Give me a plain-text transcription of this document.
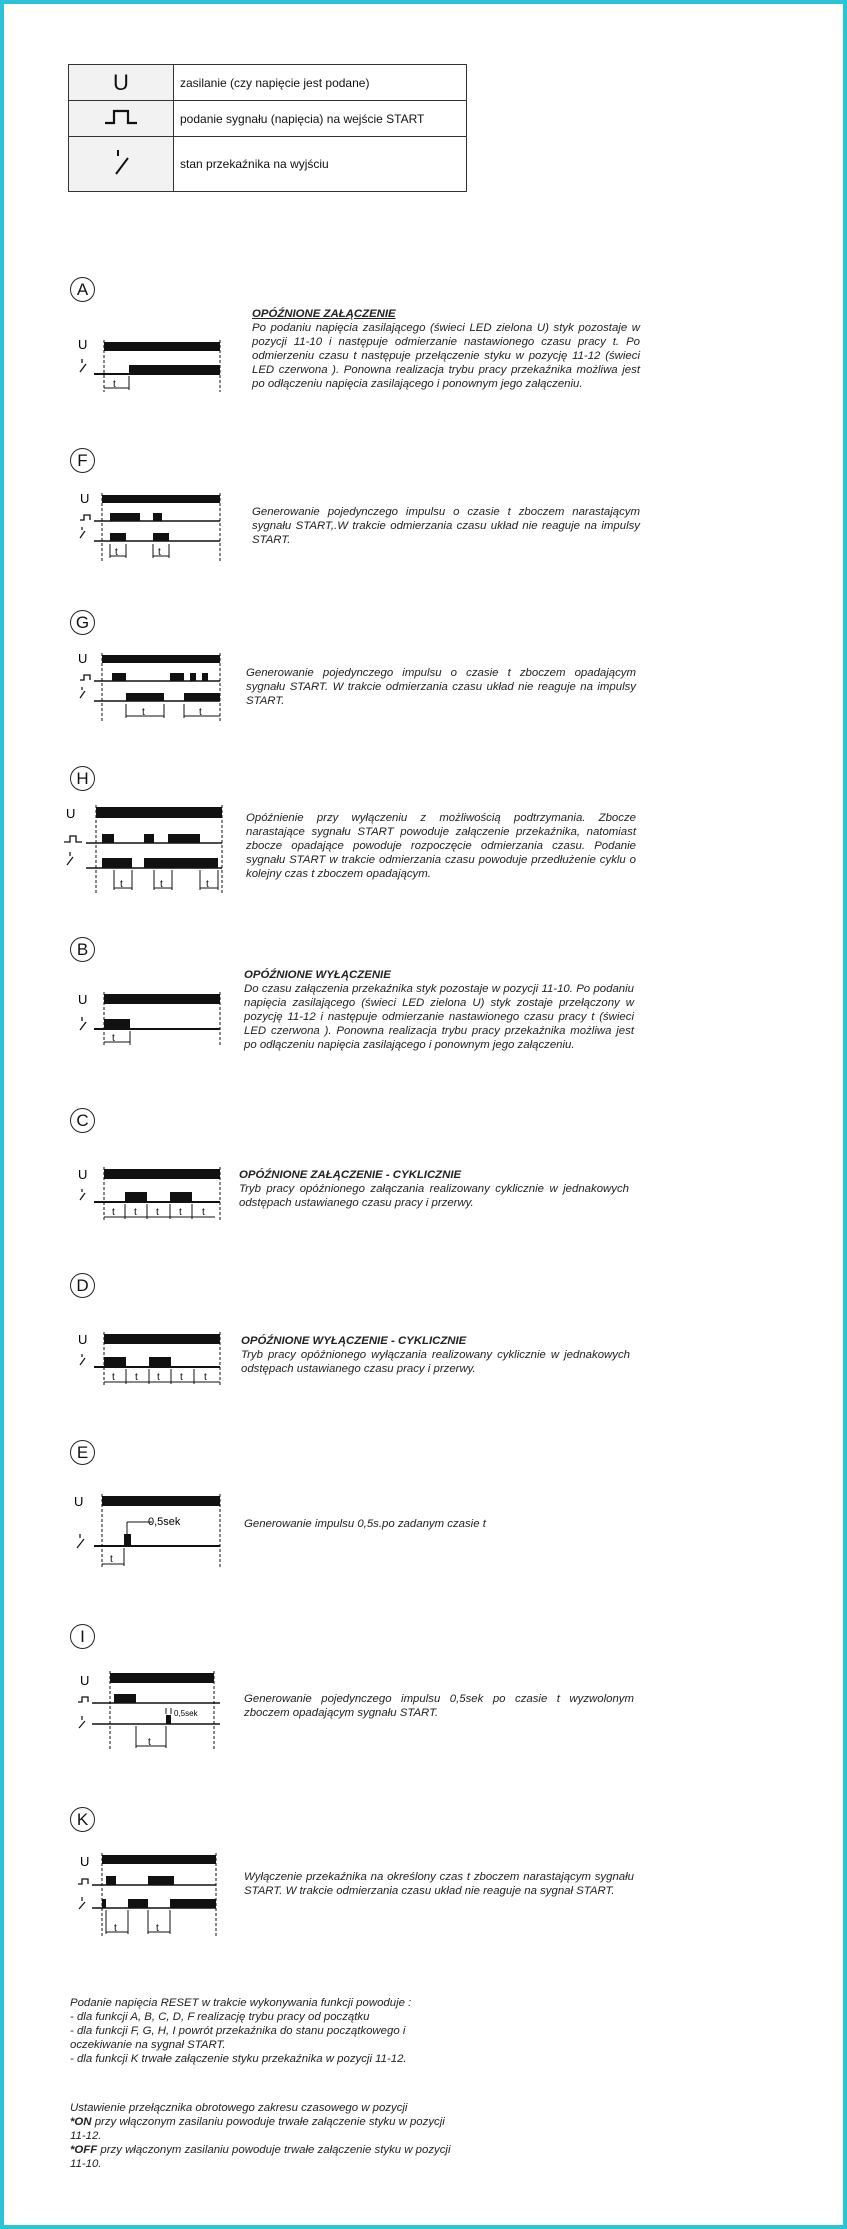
U	zasilanie (czy napięcie jest podane)
	podanie sygnału (napięcia) na wejście START
	stan przekaźnika na wyjściu
A
U
t
OPÓŹNIONE ZAŁĄCZENIE
Po podaniu napięcia zasilającego (świeci LED zielona U) styk pozostaje w pozycji 11-10 i następuje odmierzanie nastawionego czasu pracy t. Po odmierzeniu czasu t następuje przełączenie styku w pozycję 11-12 (świeci LED czerwona ). Ponowna realizacja trybu pracy przekaźnika możliwa jest po odłączeniu napięcia zasilającego i ponownym jego załączeniu.
F
U
t	t
Generowanie pojedynczego impulsu o czasie t zboczem narastającym sygnału START,.W trakcie odmierzania czasu układ nie reaguje na impulsy START.
G
U
t	t
Generowanie pojedynczego impulsu o czasie t zboczem opadającym sygnału START. W trakcie odmierzania czasu układ nie reaguje na impulsy START.
H
U
t	t	t
Opóźnienie przy wyłączeniu z możliwością podtrzymania. Zbocze narastające sygnału START powoduje załączenie przekaźnika, natomiast zbocze opadające powoduje rozpoczęcie odmierzania czasu. Podanie sygnału START w trakcie odmierzania czasu powoduje przedłużenie cyklu o kolejny czas t zboczem opadającym.
B
U
t
OPÓŹNIONE WYŁĄCZENIE
Do czasu załączenia przekaźnika styk pozostaje w pozycji 11-10. Po podaniu napięcia zasilającego (świeci LED zielona U) styk zostaje przełączony w pozycję 11-12 i następuje odmierzanie nastawionego czasu pracy t (świeci LED czerwona ). Ponowna realizacja trybu pracy przekaźnika możliwa jest po odłączeniu napięcia zasilającego i ponownym jego załączeniu.
C
U
t t t t t
OPÓŹNIONE ZAŁĄCZENIE - CYKLICZNIE
Tryb pracy opóźnionego załączania realizowany cyklicznie w jednakowych odstępach ustawianego czasu pracy i przerwy.
D
U
t t t t t
OPÓŹNIONE WYŁĄCZENIE - CYKLICZNIE
Tryb pracy opóźnionego wyłączania realizowany cyklicznie w jednakowych odstępach ustawianego czasu pracy i przerwy.
E
U
0,5sek
t
Generowanie impulsu 0,5s.po zadanym czasie t
I
U
0,5sek
t
Generowanie pojedynczego impulsu 0,5sek po czasie t wyzwolonym zboczem opadającym sygnału START.
K
U
t	t
Wyłączenie przekaźnika na określony czas t zboczem narastającym sygnału START. W trakcie odmierzania czasu układ nie reaguje na sygnał START.
Podanie napięcia RESET w trakcie wykonywania funkcji powoduje :
- dla funkcji A, B, C, D, F realizację trybu pracy od początku
- dla funkcji F, G, H, I powrót przekaźnika do stanu początkowego i oczekiwanie na sygnał START.
- dla funkcji K trwałe załączenie styku przekaźnika w pozycji 11-12.
Ustawienie przełącznika obrotowego zakresu czasowego w pozycji
*ON przy włączonym zasilaniu powoduje trwałe załączenie styku w pozycji 11-12.
*OFF przy włączonym zasilaniu powoduje trwałe załączenie styku w pozycji 11-10.
